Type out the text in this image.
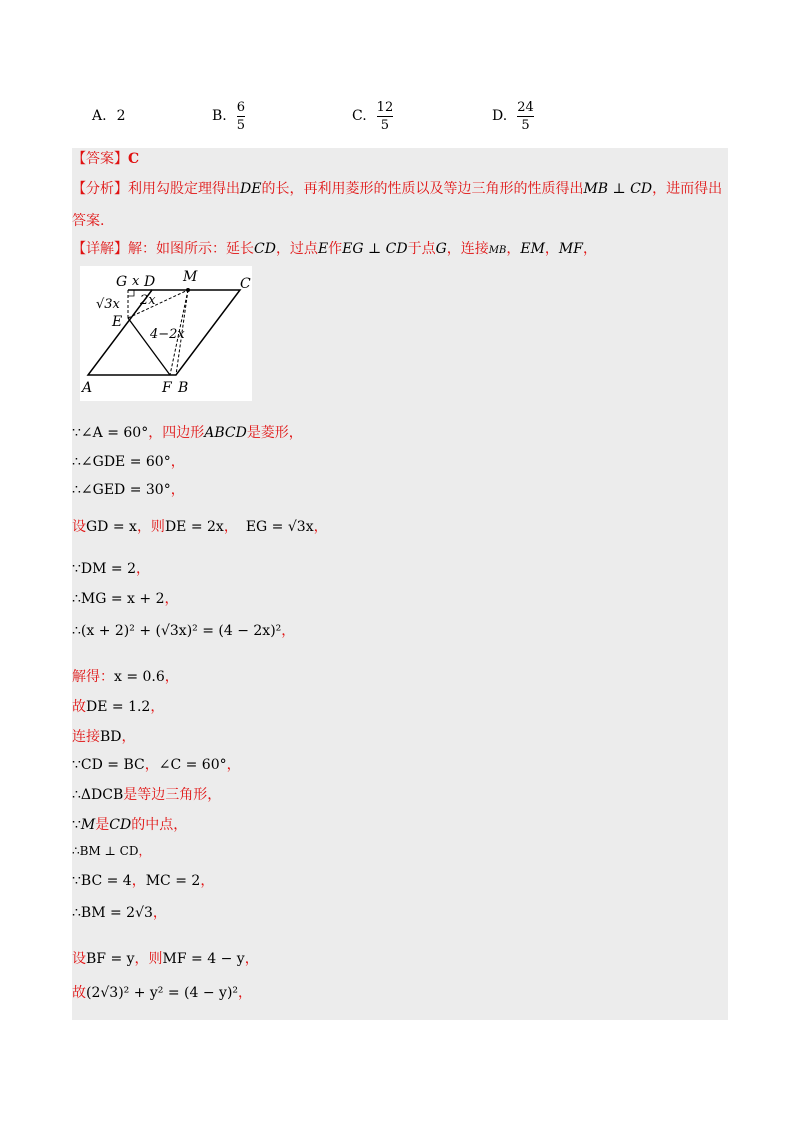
A. 2	B. $\frac{6}{5}$	C. $\frac{12}{5}$	D. $\frac{24}{5}$
【答案】C
【分析】利用勾股定理得出DE的长，再利用菱形的性质以及等边三角形的性质得出MB ⊥ CD，进而得出
答案.
【详解】解：如图所示：延长CD，过点E作EG ⊥ CD于点G，连接MB，EM，MF，
G x D M	C
√3x 2x
E
4−2x
A	F B
∵∠A = 60°，四边形ABCD是菱形，
∴∠GDE = 60°，
∴∠GED = 30°，
设GD = x，则DE = 2x， EG = √3x，
∵DM = 2，
∴MG = x + 2，
∴(x + 2)² + (√3x)² = (4 − 2x)²，
解得：x = 0.6，
故DE = 1.2，
连接BD，
∵CD = BC，∠C = 60°，
∴ΔDCB是等边三角形，
∵M是CD的中点，
∴BM ⊥ CD，
∵BC = 4，MC = 2，
∴BM = 2√3，
设BF = y，则MF = 4 − y，
故(2√3)² + y² = (4 − y)²，
